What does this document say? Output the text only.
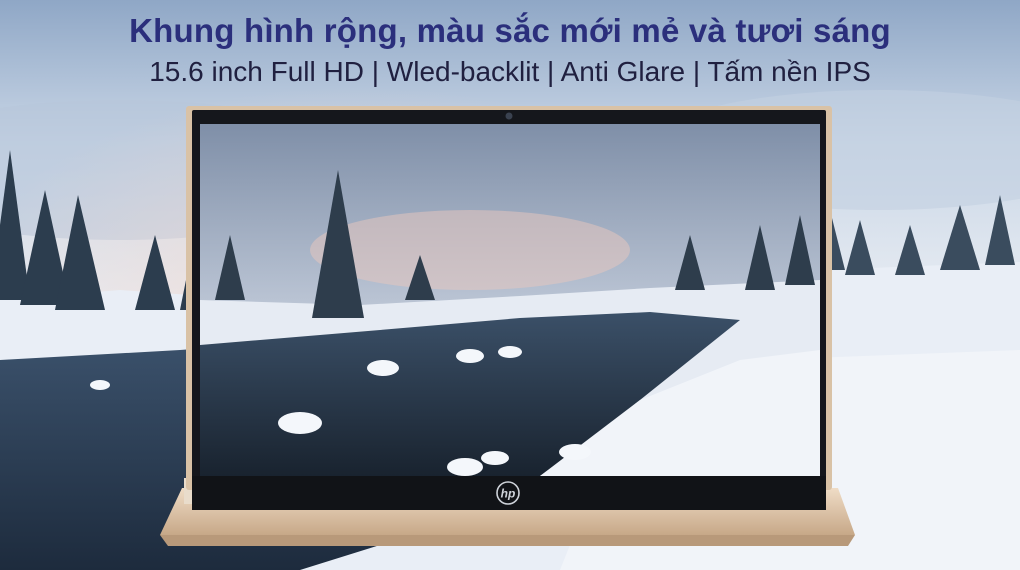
hp
Khung hình rộng, màu sắc mới mẻ và tươi sáng
15.6 inch Full HD | Wled-backlit | Anti Glare | Tấm nền IPS
